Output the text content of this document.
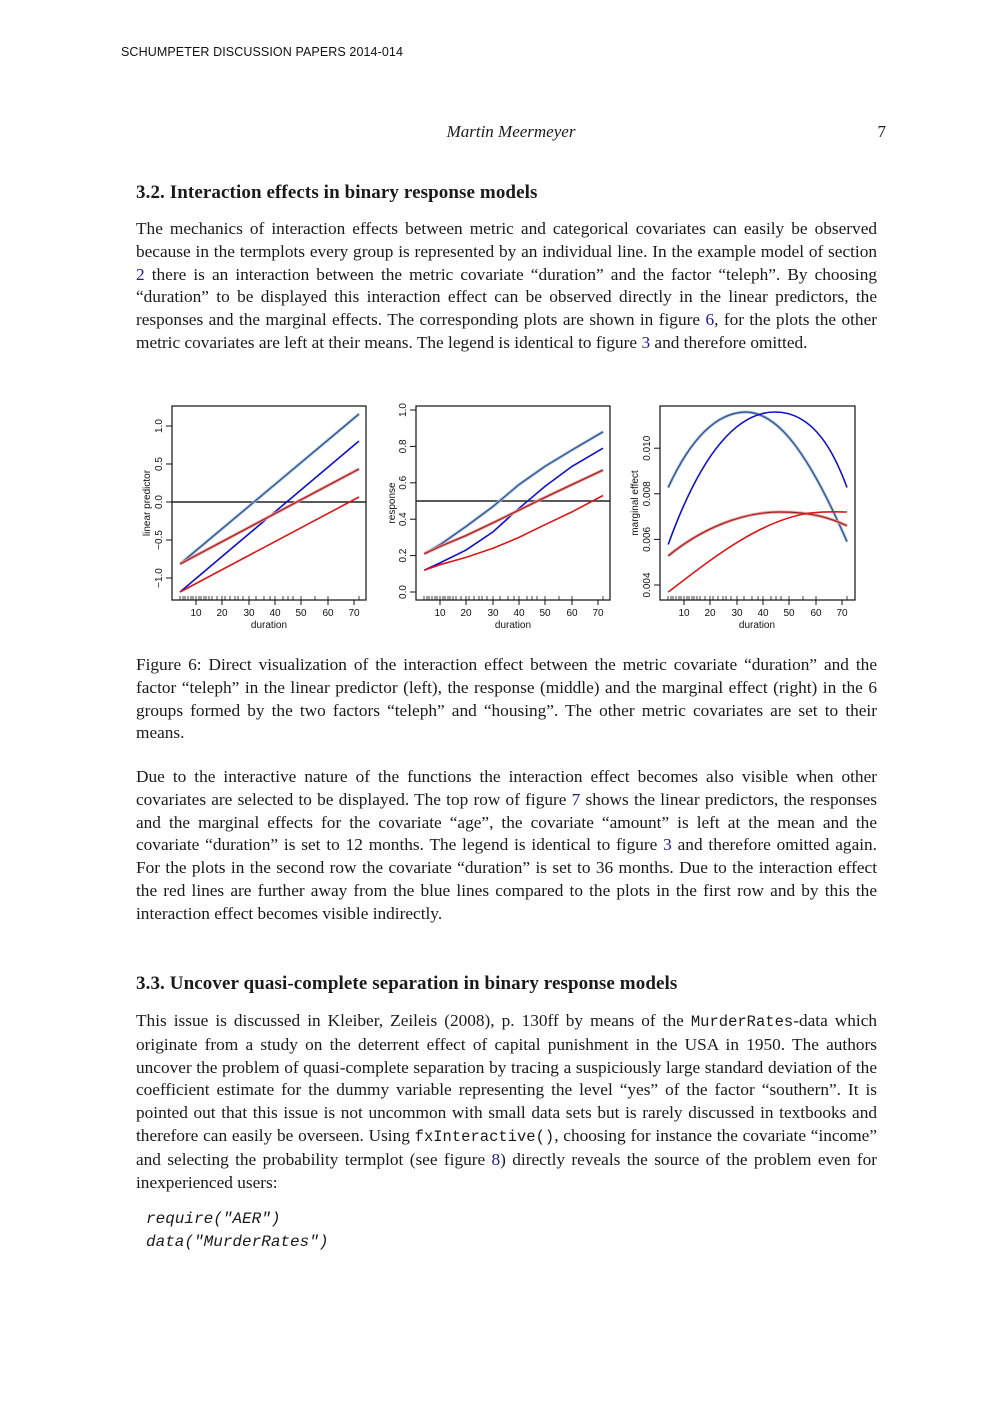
SCHUMPETER DISCUSSION PAPERS 2014-014
Martin Meermeyer	7
3.2. Interaction effects in binary response models

The mechanics of interaction effects between metric and categorical covariates can easily be observed because in the termplots every group is represented by an individual line. In the example model of section 2 there is an interaction between the metric covariate “duration” and the factor “teleph”. By choosing “duration” to be displayed this interaction effect can be observed directly in the linear predictors, the responses and the marginal effects. The corresponding plots are shown in figure 6, for the plots the other metric covariates are left at their means. The legend is identical to figure 3 and therefore omitted.

−1.0
−0.5
0.0
0.5
1.0
linear predictor
10 20 30 40 50 60 70
duration
0.0
0.2
0.4
0.6
0.8
1.0
response
10 20 30 40 50 60 70
duration
0.004
0.006
0.008
0.010
marginal effect
10 20 30 40 50 60 70
duration

Figure 6: Direct visualization of the interaction effect between the metric covariate “duration” and the factor “teleph” in the linear predictor (left), the response (middle) and the marginal effect (right) in the 6 groups formed by the two factors “teleph” and “housing”. The other metric covariates are set to their means.

Due to the interactive nature of the functions the interaction effect becomes also visible when other covariates are selected to be displayed. The top row of figure 7 shows the linear predictors, the responses and the marginal effects for the covariate “age”, the covariate “amount” is left at the mean and the covariate “duration” is set to 12 months. The legend is identical to figure 3 and therefore omitted again. For the plots in the second row the covariate “duration” is set to 36 months. Due to the interaction effect the red lines are further away from the blue lines compared to the plots in the first row and by this the interaction effect becomes visible indirectly.

3.3. Uncover quasi-complete separation in binary response models

This issue is discussed in Kleiber, Zeileis (2008), p. 130ff by means of the MurderRates-data which originate from a study on the deterrent effect of capital punishment in the USA in 1950. The authors uncover the problem of quasi-complete separation by tracing a suspiciously large standard deviation of the coefficient estimate for the dummy variable representing the level “yes” of the factor “southern”. It is pointed out that this issue is not uncommon with small data sets but is rarely discussed in textbooks and therefore can easily be overseen. Using fxInteractive(), choosing for instance the covariate “income” and selecting the probability termplot (see figure 8) directly reveals the source of the problem even for inexperienced users:

require("AER")
data("MurderRates")
